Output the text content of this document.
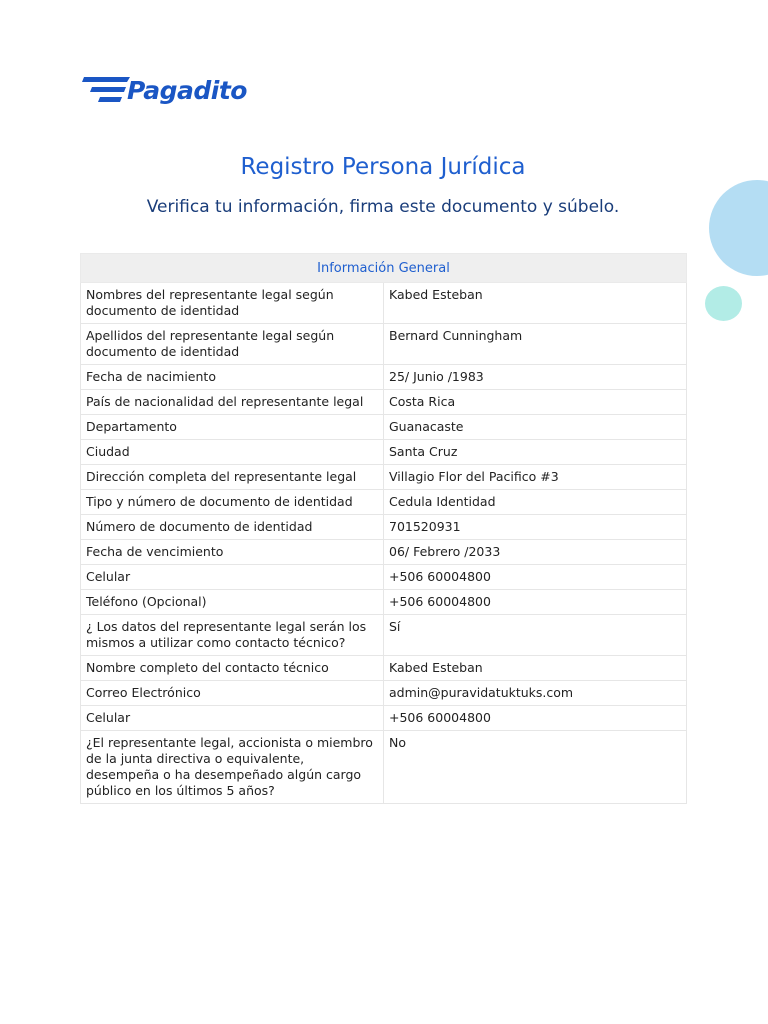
Pagadito
Registro Persona Jurídica

Verifica tu información, firma este documento y súbelo.

Información General	
Nombres del representante legal según documento de identidad	Kabed Esteban
Apellidos del representante legal según documento de identidad	Bernard Cunningham
Fecha de nacimiento	25/ Junio /1983
País de nacionalidad del representante legal	Costa Rica
Departamento	Guanacaste
Ciudad	Santa Cruz
Dirección completa del representante legal	Villagio Flor del Pacifico #3
Tipo y número de documento de identidad	Cedula Identidad
Número de documento de identidad	701520931
Fecha de vencimiento	06/ Febrero /2033
Celular	+506 60004800
Teléfono (Opcional)	+506 60004800
¿ Los datos del representante legal serán los mismos a utilizar como contacto técnico?	Sí
Nombre completo del contacto técnico	Kabed Esteban
Correo Electrónico	admin@puravidatuktuks.com
Celular	+506 60004800
¿El representante legal, accionista o miembro de la junta directiva o equivalente, desempeña o ha desempeñado algún cargo público en los últimos 5 años?	No
